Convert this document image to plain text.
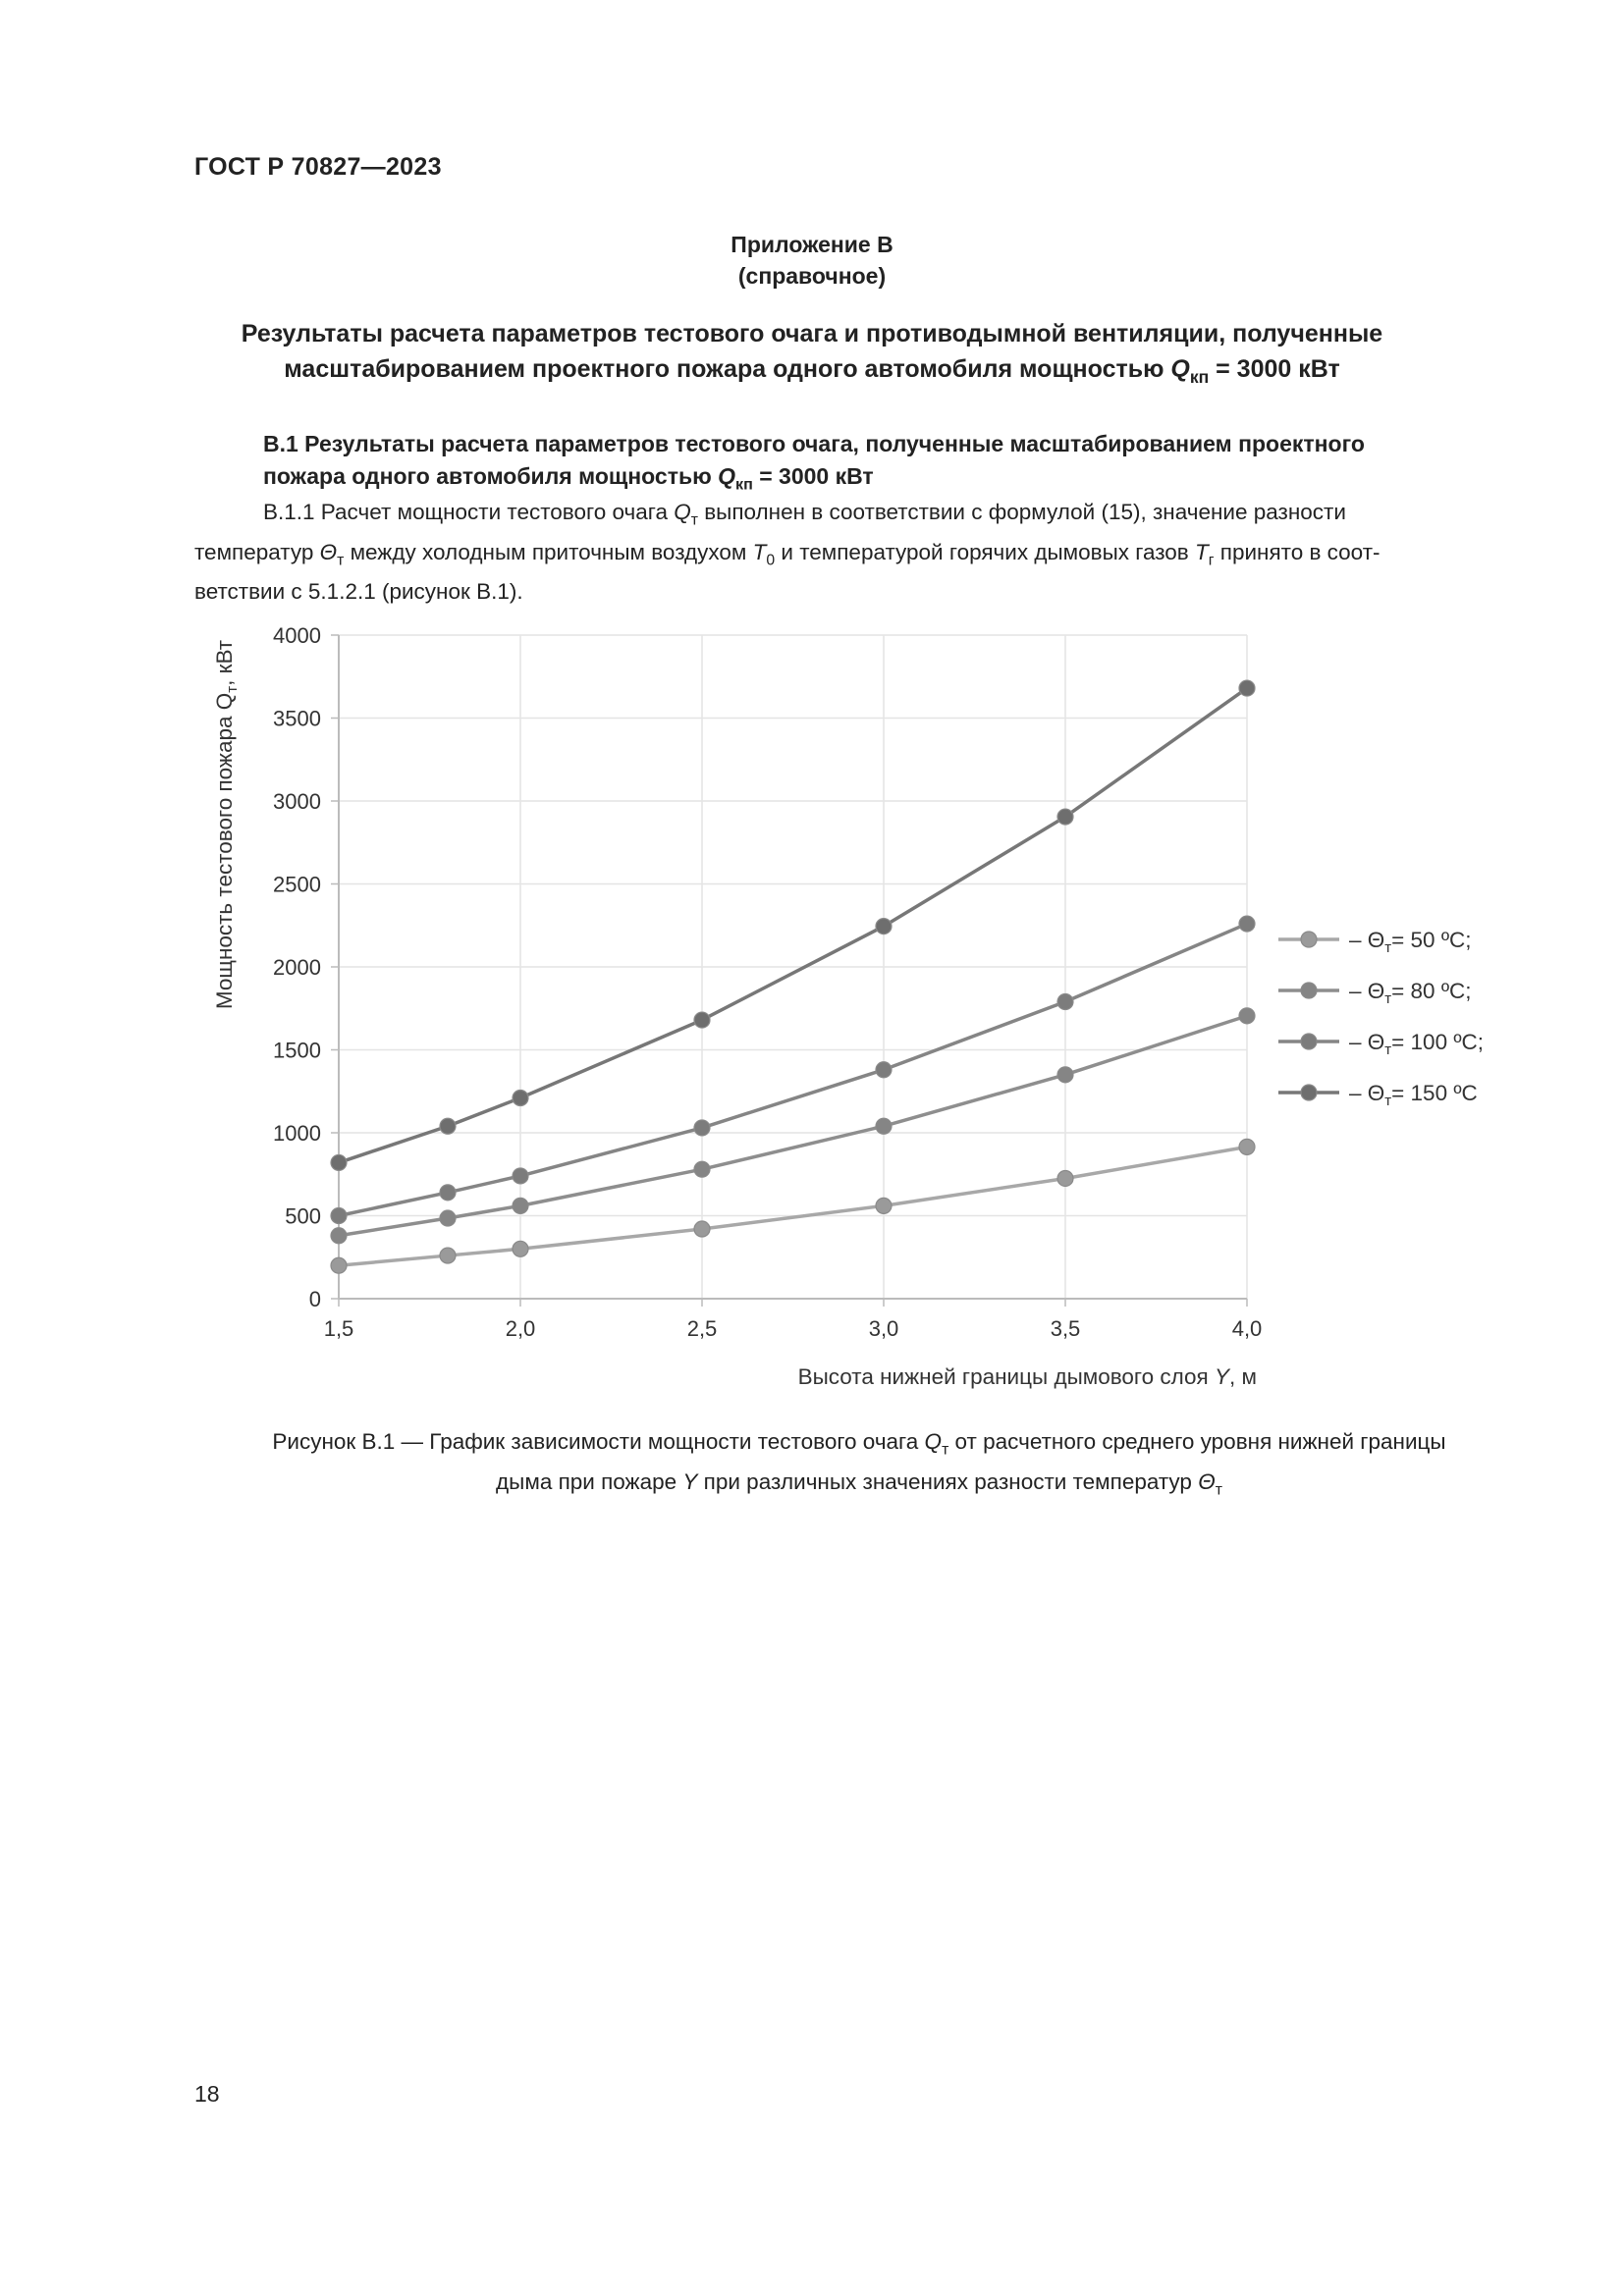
ГОСТ Р 70827—2023
Приложение В
(справочное)
Результаты расчета параметров тестового очага и противодымной вентиляции, полученные
масштабированием проектного пожара одного автомобиля мощностью $Q_{кп} = 3000$ кВт
В.1 Результаты расчета параметров тестового очага, полученные масштабированием проектного
пожара одного автомобиля мощностью $Q_{кп} = 3000$ кВт
В.1.1 Расчет мощности тестового очага $Q_т$ выполнен в соответствии с формулой (15), значение разности
температур $\Theta_т$ между холодным приточным воздухом $T_0$ и температурой горячих дымовых газов $T_г$ принято в соот-
ветствии с 5.1.2.1 (рисунок В.1).
0
500
1000
1500
2000
2500
3000
3500
4000
1,5	2,0	2,5	3,0	3,5	4,0
– $\Theta_т= 50$ ºC;
– $\Theta_т= 80$ ºC;
– $\Theta_т= 100$ ºC;
– $\Theta_т= 150$ ºC
Мощность тестового пожара $Q_т$, кВт
Высота нижней границы дымового слоя Y, м
Рисунок В.1 — График зависимости мощности тестового очага $Q_т$ от расчетного среднего уровня нижней границы
дыма при пожаре Y при различных значениях разности температур $\Theta_т$
18
